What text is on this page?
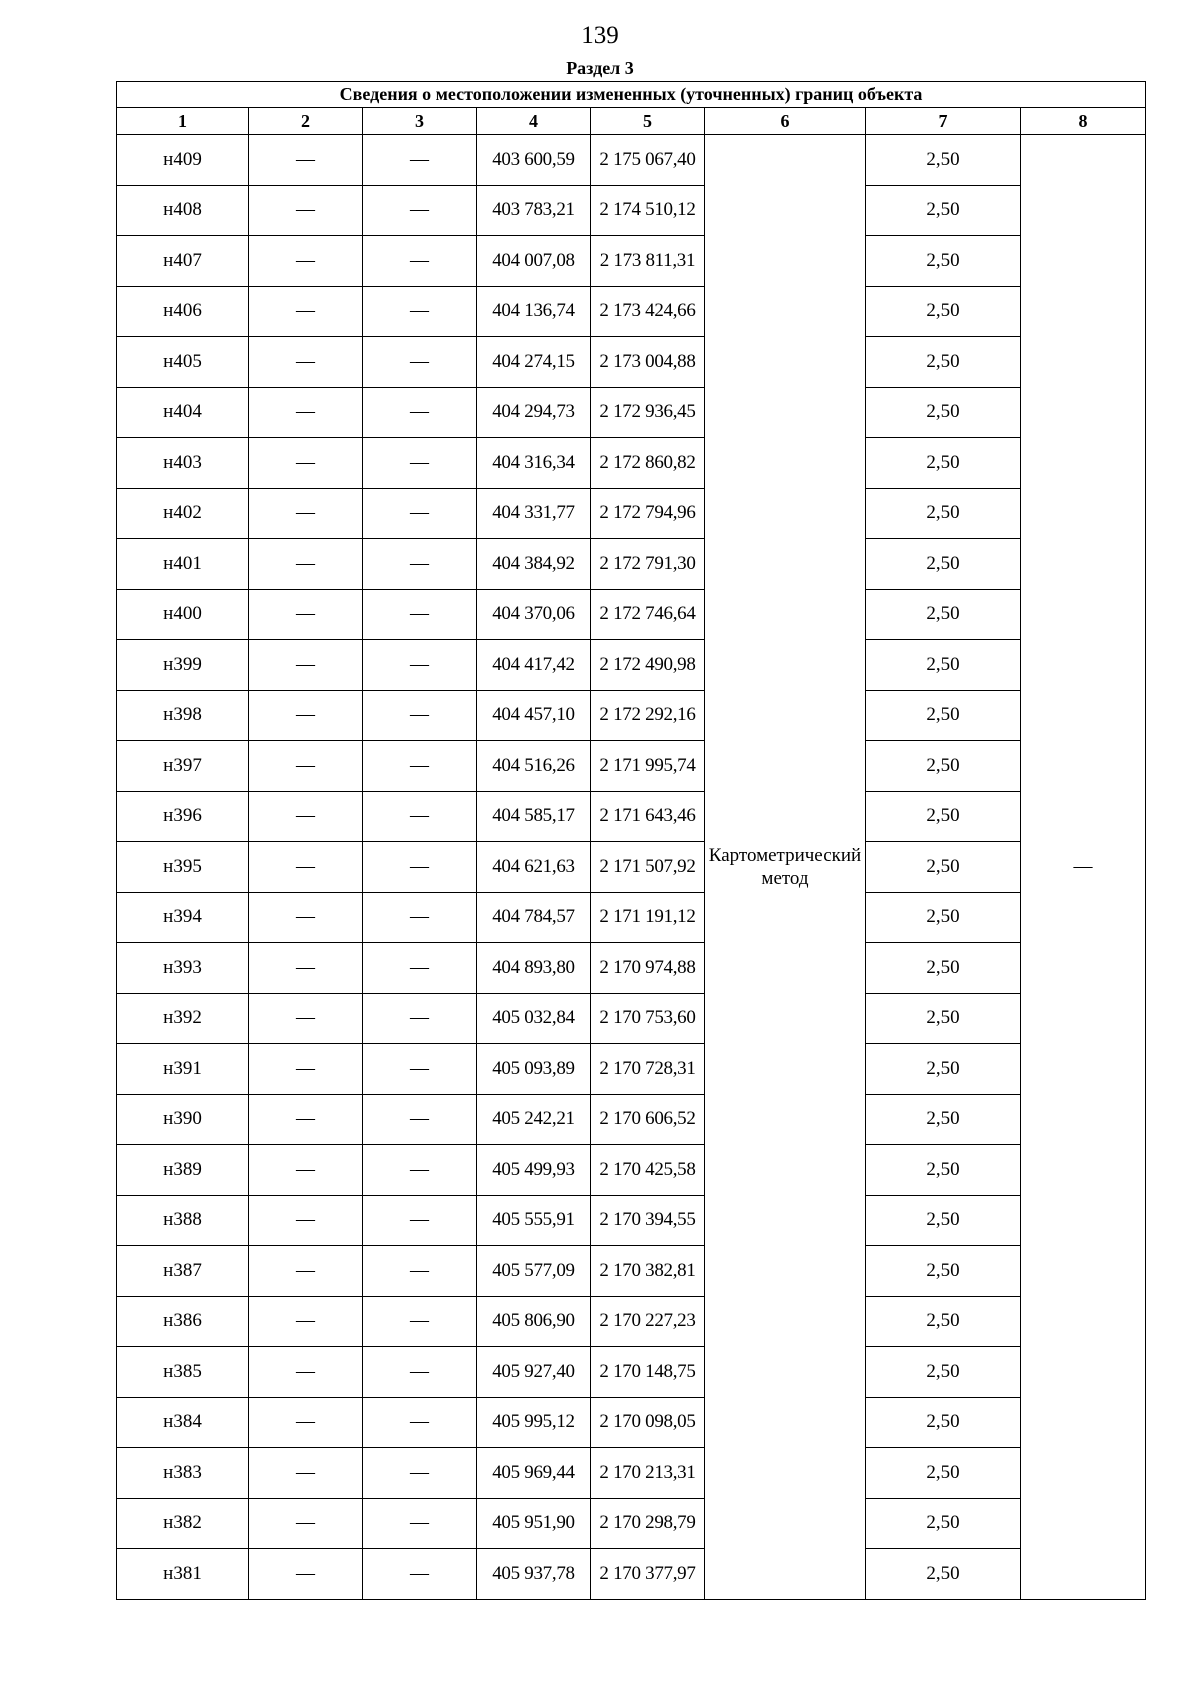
139
Раздел 3
Сведения о местоположении измененных (уточненных) границ объекта							
1	2	3	4	5	6	7	8
н409	—	—	403 600,59	2 175 067,40	Картометрический метод	2,50	—
н408	—	—	403 783,21	2 174 510,12		2,50	
н407	—	—	404 007,08	2 173 811,31		2,50	
н406	—	—	404 136,74	2 173 424,66		2,50	
н405	—	—	404 274,15	2 173 004,88		2,50	
н404	—	—	404 294,73	2 172 936,45		2,50	
н403	—	—	404 316,34	2 172 860,82		2,50	
н402	—	—	404 331,77	2 172 794,96		2,50	
н401	—	—	404 384,92	2 172 791,30		2,50	
н400	—	—	404 370,06	2 172 746,64		2,50	
н399	—	—	404 417,42	2 172 490,98		2,50	
н398	—	—	404 457,10	2 172 292,16		2,50	
н397	—	—	404 516,26	2 171 995,74		2,50	
н396	—	—	404 585,17	2 171 643,46		2,50	
н395	—	—	404 621,63	2 171 507,92		2,50	
н394	—	—	404 784,57	2 171 191,12		2,50	
н393	—	—	404 893,80	2 170 974,88		2,50	
н392	—	—	405 032,84	2 170 753,60		2,50	
н391	—	—	405 093,89	2 170 728,31		2,50	
н390	—	—	405 242,21	2 170 606,52		2,50	
н389	—	—	405 499,93	2 170 425,58		2,50	
н388	—	—	405 555,91	2 170 394,55		2,50	
н387	—	—	405 577,09	2 170 382,81		2,50	
н386	—	—	405 806,90	2 170 227,23		2,50	
н385	—	—	405 927,40	2 170 148,75		2,50	
н384	—	—	405 995,12	2 170 098,05		2,50	
н383	—	—	405 969,44	2 170 213,31		2,50	
н382	—	—	405 951,90	2 170 298,79		2,50	
н381	—	—	405 937,78	2 170 377,97		2,50	
